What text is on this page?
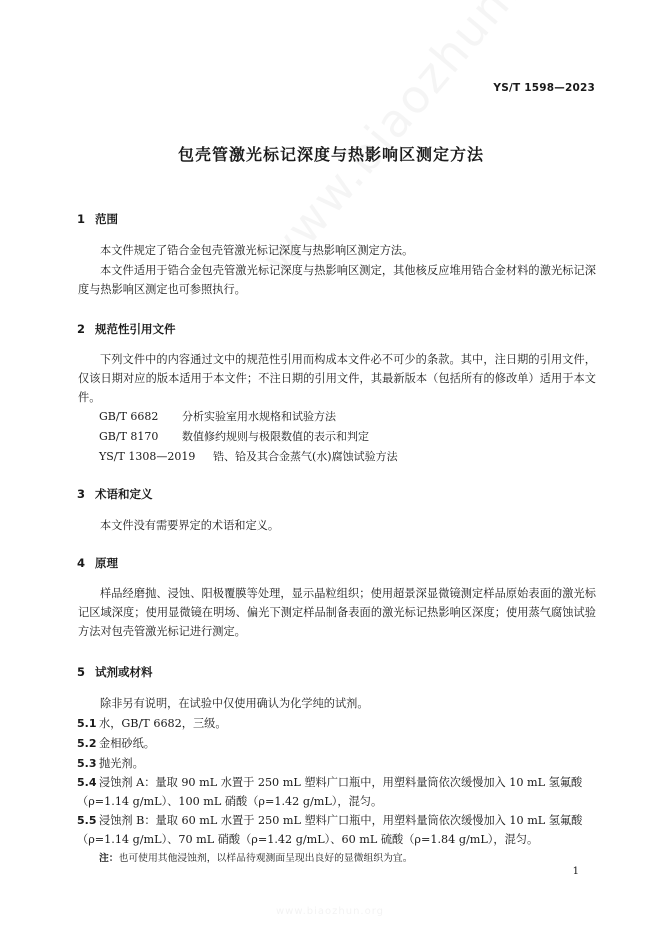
YS/T 1598—2023
包壳管激光标记深度与热影响区测定方法
1 范围
本文件规定了锆合金包壳管激光标记深度与热影响区测定方法。
本文件适用于锆合金包壳管激光标记深度与热影响区测定，其他核反应堆用锆合金材料的激光标记深度与热影响区测定也可参照执行。
2 规范性引用文件
下列文件中的内容通过文中的规范性引用而构成本文件必不可少的条款。其中，注日期的引用文件，仅该日期对应的版本适用于本文件；不注日期的引用文件，其最新版本（包括所有的修改单）适用于本文件。
GB/T 6682 分析实验室用水规格和试验方法
GB/T 8170 数值修约规则与极限数值的表示和判定
YS/T 1308—2019 锆、铪及其合金蒸气(水)腐蚀试验方法
3 术语和定义
本文件没有需要界定的术语和定义。
4 原理
样品经磨抛、浸蚀、阳极覆膜等处理，显示晶粒组织；使用超景深显微镜测定样品原始表面的激光标记区域深度；使用显微镜在明场、偏光下测定样品制备表面的激光标记热影响区深度；使用蒸气腐蚀试验方法对包壳管激光标记进行测定。
5 试剂或材料
除非另有说明，在试验中仅使用确认为化学纯的试剂。
5.1 水，GB/T 6682，三级。
5.2 金相砂纸。
5.3 抛光剂。
5.4 浸蚀剂 A：量取 90 mL 水置于 250 mL 塑料广口瓶中，用塑料量筒依次缓慢加入 10 mL 氢氟酸（ρ=1.14 g/mL）、100 mL 硝酸（ρ=1.42 g/mL），混匀。
5.5 浸蚀剂 B：量取 60 mL 水置于 250 mL 塑料广口瓶中，用塑料量筒依次缓慢加入 10 mL 氢氟酸（ρ=1.14 g/mL）、70 mL 硝酸（ρ=1.42 g/mL）、60 mL 硫酸（ρ=1.84 g/mL），混匀。
注：也可使用其他浸蚀剂，以样品待观测面呈现出良好的显微组织为宜。
1
www.biaozhun.org
